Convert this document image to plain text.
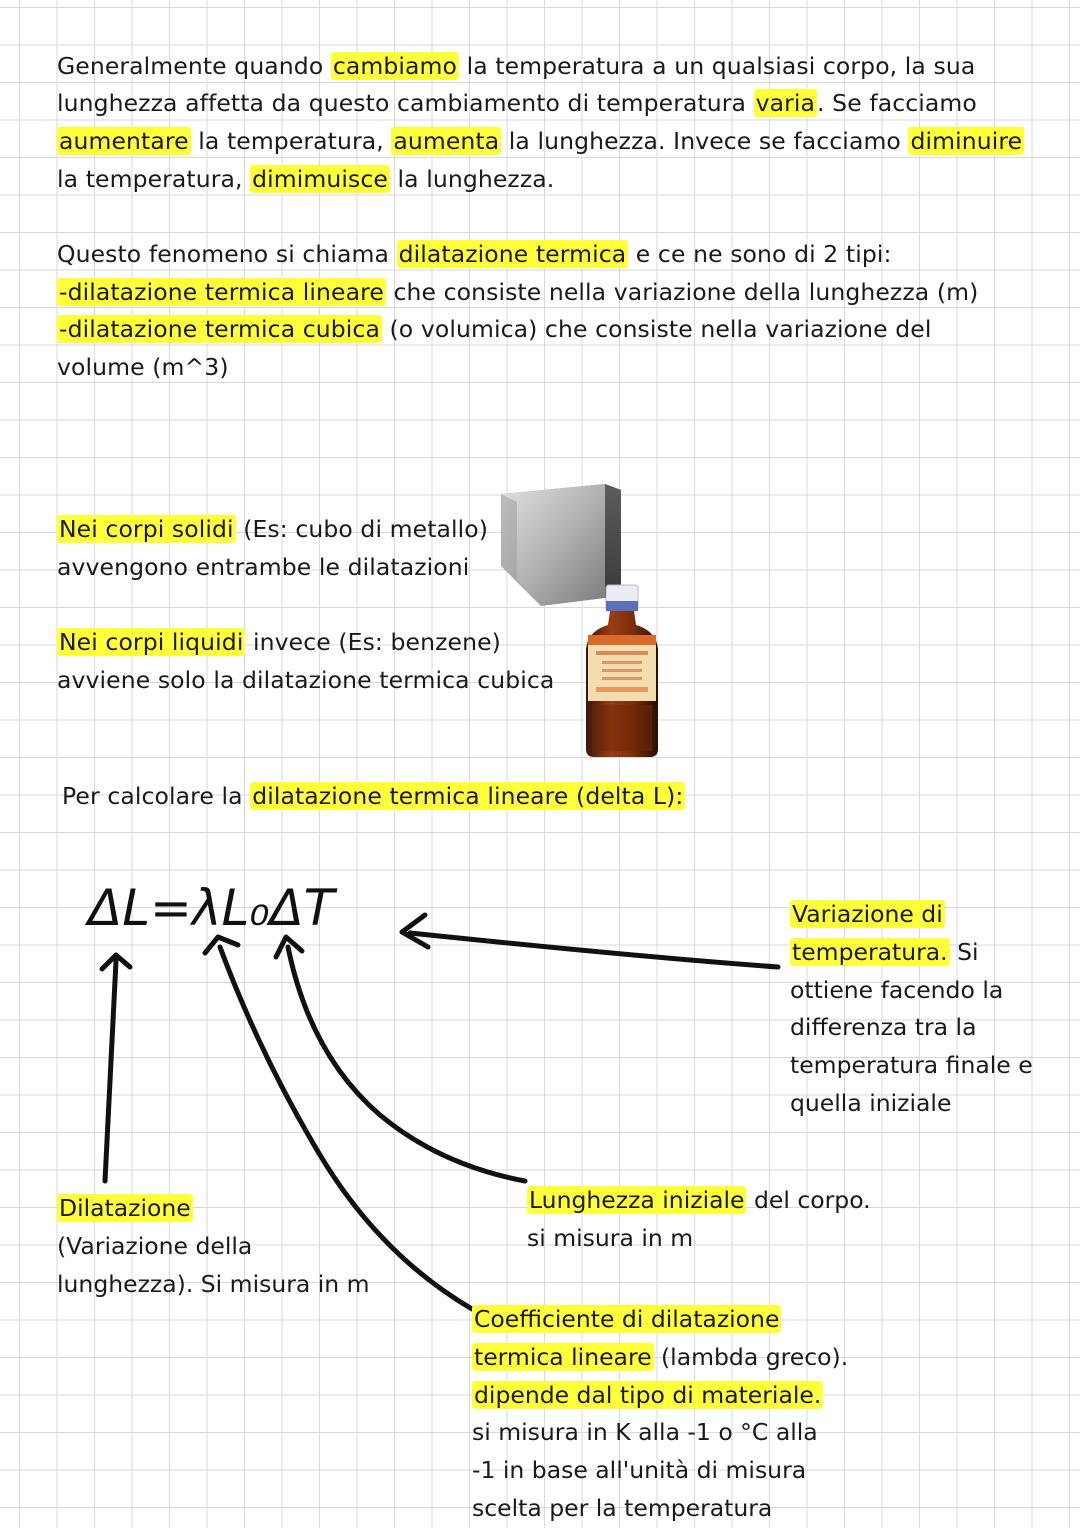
Generalmente quando cambiamo la temperatura a un qualsiasi corpo, la sua
lunghezza affetta da questo cambiamento di temperatura varia. Se facciamo
aumentare la temperatura, aumenta la lunghezza. Invece se facciamo diminuire
la temperatura, dimimuisce la lunghezza.
Questo fenomeno si chiama dilatazione termica e ce ne sono di 2 tipi:
-dilatazione termica lineare che consiste nella variazione della lunghezza (m)
-dilatazione termica cubica (o volumica) che consiste nella variazione del
volume (m^3)
Nei corpi solidi (Es: cubo di metallo)
avvengono entrambe le dilatazioni
Nei corpi liquidi invece (Es: benzene)
avviene solo la dilatazione termica cubica
Per calcolare la dilatazione termica lineare (delta L):
ΔL=λL₀ΔT	Variazione di
temperatura. Si
ottiene facendo la
differenza tra la
temperatura finale e
quella iniziale
Lunghezza iniziale del corpo.
si misura in m
Dilatazione
(Variazione della
lunghezza). Si misura in m
Coefficiente di dilatazione
termica lineare (lambda greco).
dipende dal tipo di materiale.
si misura in K alla -1 o °C alla
-1 in base all'unità di misura
scelta per la temperatura
